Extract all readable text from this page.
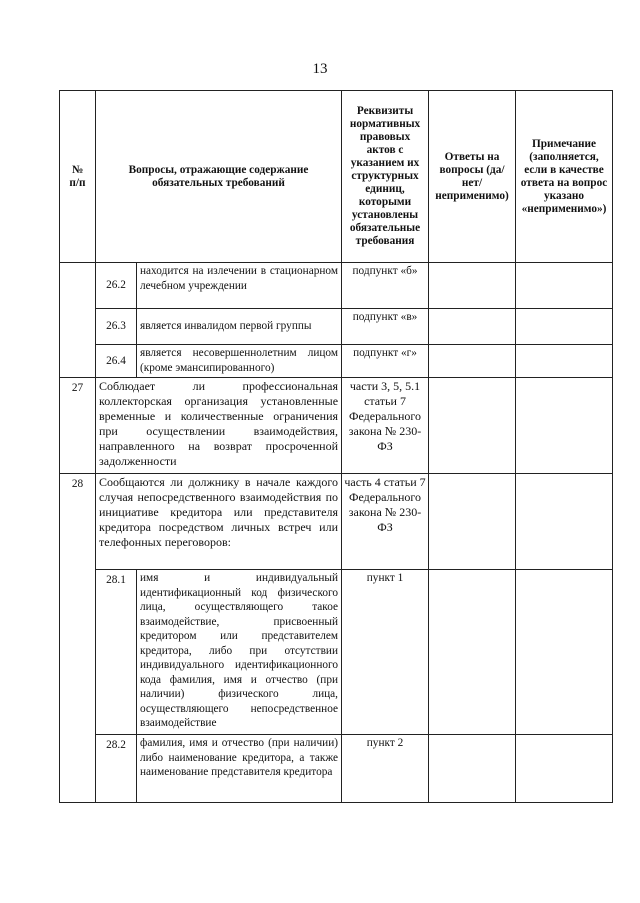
13
№
п/п	Вопросы, отражающие содержание обязательных требований		Реквизиты нормативных правовых актов с указанием их структурных единиц, которыми установлены обязательные требования	Ответы на вопросы (да/нет/ неприменимо)	Примечание (заполняется, если в качестве ответа на вопрос указано «неприменимо»)
	26.2	находится на излечении в стационарном лечебном учреждении	подпункт «б»		
	26.3	является инвалидом первой группы	подпункт «в»		
	26.4	является несовершеннолетним лицом (кроме эмансипированного)	подпункт «г»		
27	Соблюдает ли профессиональная коллекторская организация установленные временные и количественные ограничения при осуществлении взаимодействия, направленного на возврат просроченной задолженности		части 3, 5, 5.1 статьи 7 Федерального закона № 230-ФЗ		
28	Сообщаются ли должнику в начале каждого случая непосредственного взаимодействия по инициативе кредитора или представителя кредитора посредством личных встреч или телефонных переговоров:		часть 4 статьи 7 Федерального закона № 230-ФЗ		
	28.1	имя и индивидуальный идентификационный код физического лица, осуществляющего такое взаимодействие, присвоенный кредитором или представителем кредитора, либо при отсутствии индивидуального идентификационного кода фамилия, имя и отчество (при наличии) физического лица, осуществляющего непосредственное взаимодействие	пункт 1		
	28.2	фамилия, имя и отчество (при наличии) либо наименование кредитора, а также наименование представителя кредитора	пункт 2		
